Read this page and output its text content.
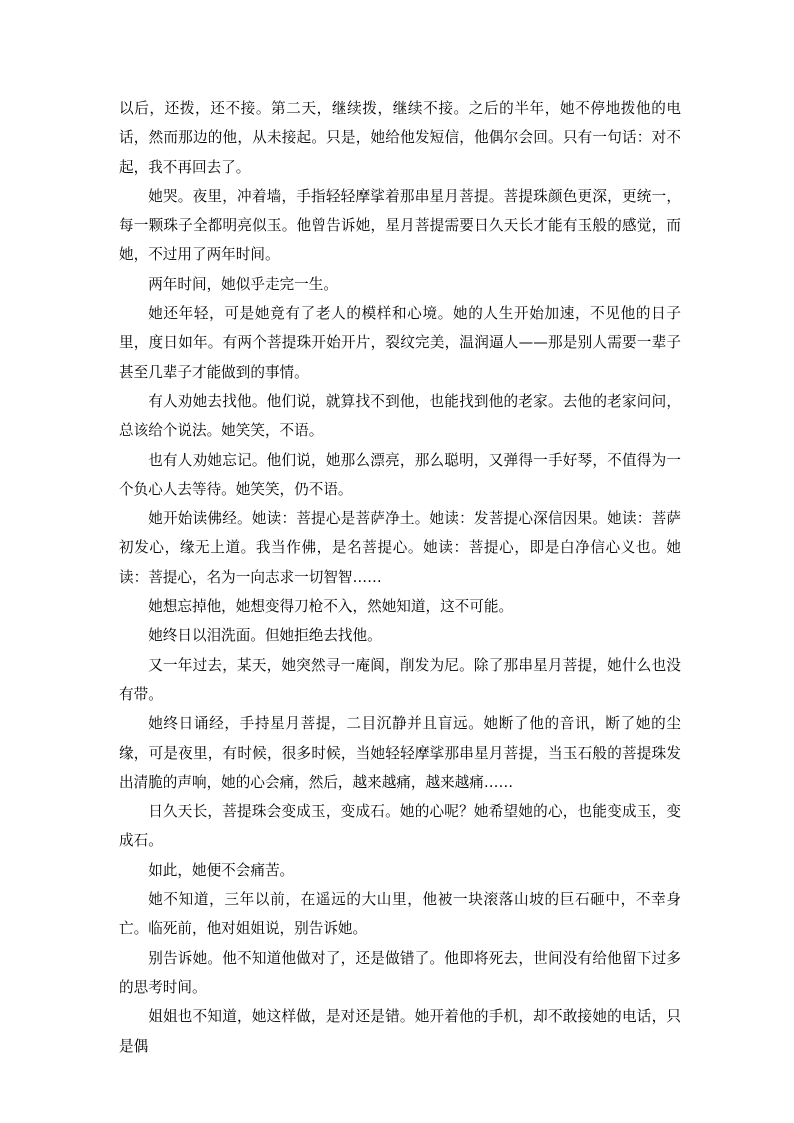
以后，还拨，还不接。第二天，继续拨，继续不接。之后的半年，她不停地拨他的电话，然而那边的他，从未接起。只是，她给他发短信，他偶尔会回。只有一句话：对不起，我不再回去了。

她哭。夜里，冲着墙，手指轻轻摩挲着那串星月菩提。菩提珠颜色更深，更统一，每一颗珠子全都明亮似玉。他曾告诉她，星月菩提需要日久天长才能有玉般的感觉，而她，不过用了两年时间。

两年时间，她似乎走完一生。

她还年轻，可是她竟有了老人的模样和心境。她的人生开始加速，不见他的日子里，度日如年。有两个菩提珠开始开片，裂纹完美，温润逼人——那是别人需要一辈子甚至几辈子才能做到的事情。

有人劝她去找他。他们说，就算找不到他，也能找到他的老家。去他的老家问问，总该给个说法。她笑笑，不语。

也有人劝她忘记。他们说，她那么漂亮，那么聪明，又弹得一手好琴，不值得为一个负心人去等待。她笑笑，仍不语。

她开始读佛经。她读：菩提心是菩萨净土。她读：发菩提心深信因果。她读：菩萨初发心，缘无上道。我当作佛，是名菩提心。她读：菩提心，即是白净信心义也。她读：菩提心，名为一向志求一切智智……

她想忘掉他，她想变得刀枪不入，然她知道，这不可能。

她终日以泪洗面。但她拒绝去找他。

又一年过去，某天，她突然寻一庵阆，削发为尼。除了那串星月菩提，她什么也没有带。

她终日诵经，手持星月菩提，二目沉静并且盲远。她断了他的音讯，断了她的尘缘，可是夜里，有时候，很多时候，当她轻轻摩挲那串星月菩提，当玉石般的菩提珠发出清脆的声响，她的心会痛，然后，越来越痛，越来越痛……

日久天长，菩提珠会变成玉，变成石。她的心呢？她希望她的心，也能变成玉，变成石。

如此，她便不会痛苦。

她不知道，三年以前，在遥远的大山里，他被一块滚落山坡的巨石砸中，不幸身亡。临死前，他对姐姐说，别告诉她。

别告诉她。他不知道他做对了，还是做错了。他即将死去，世间没有给他留下过多的思考时间。

姐姐也不知道，她这样做，是对还是错。她开着他的手机，却不敢接她的电话，只是偶
